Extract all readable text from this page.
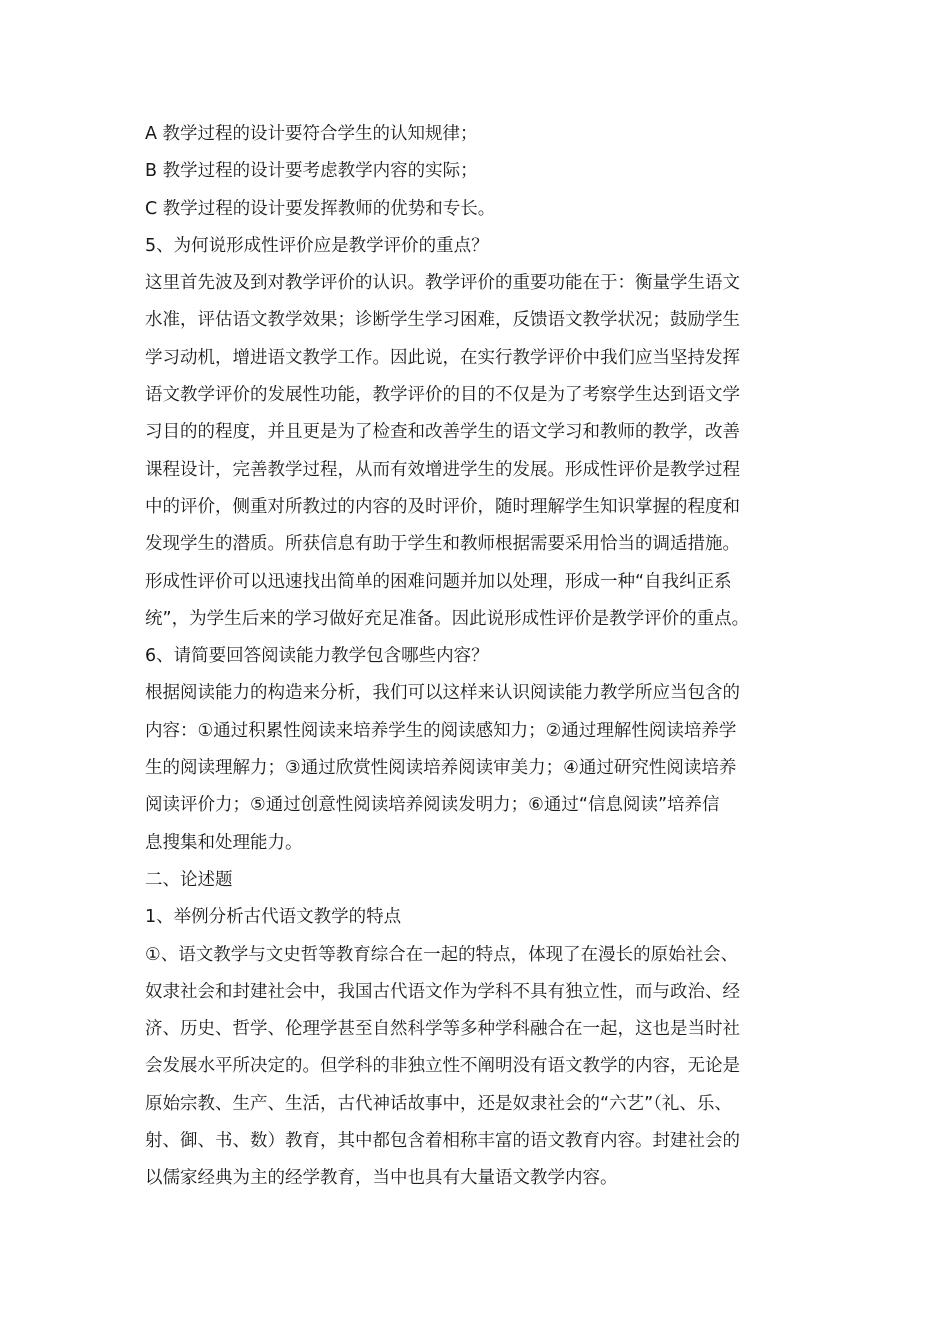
A 教学过程的设计要符合学生的认知规律；
B 教学过程的设计要考虑教学内容的实际；
C 教学过程的设计要发挥教师的优势和专长。
5、为何说形成性评价应是教学评价的重点？
这里首先波及到对教学评价的认识。教学评价的重要功能在于：衡量学生语文
水准，评估语文教学效果；诊断学生学习困难，反馈语文教学状况；鼓励学生
学习动机，增进语文教学工作。因此说，在实行教学评价中我们应当坚持发挥
语文教学评价的发展性功能，教学评价的目的不仅是为了考察学生达到语文学
习目的的程度，并且更是为了检查和改善学生的语文学习和教师的教学，改善
课程设计，完善教学过程，从而有效增进学生的发展。形成性评价是教学过程
中的评价，侧重对所教过的内容的及时评价，随时理解学生知识掌握的程度和
发现学生的潜质。所获信息有助于学生和教师根据需要采用恰当的调适措施。
形成性评价可以迅速找出简单的困难问题并加以处理，形成一种“自我纠正系
统”，为学生后来的学习做好充足准备。因此说形成性评价是教学评价的重点。
6、请简要回答阅读能力教学包含哪些内容？
根据阅读能力的构造来分析，我们可以这样来认识阅读能力教学所应当包含的
内容：①通过积累性阅读来培养学生的阅读感知力；②通过理解性阅读培养学
生的阅读理解力；③通过欣赏性阅读培养阅读审美力；④通过研究性阅读培养
阅读评价力；⑤通过创意性阅读培养阅读发明力；⑥通过“信息阅读”培养信
息搜集和处理能力。
二、论述题
1、举例分析古代语文教学的特点
①、语文教学与文史哲等教育综合在一起的特点，体现了在漫长的原始社会、
奴隶社会和封建社会中，我国古代语文作为学科不具有独立性，而与政治、经
济、历史、哲学、伦理学甚至自然科学等多种学科融合在一起，这也是当时社
会发展水平所决定的。但学科的非独立性不阐明没有语文教学的内容，无论是
原始宗教、生产、生活，古代神话故事中，还是奴隶社会的“六艺”（礼、乐、
射、御、书、数）教育，其中都包含着相称丰富的语文教育内容。封建社会的
以儒家经典为主的经学教育，当中也具有大量语文教学内容。
